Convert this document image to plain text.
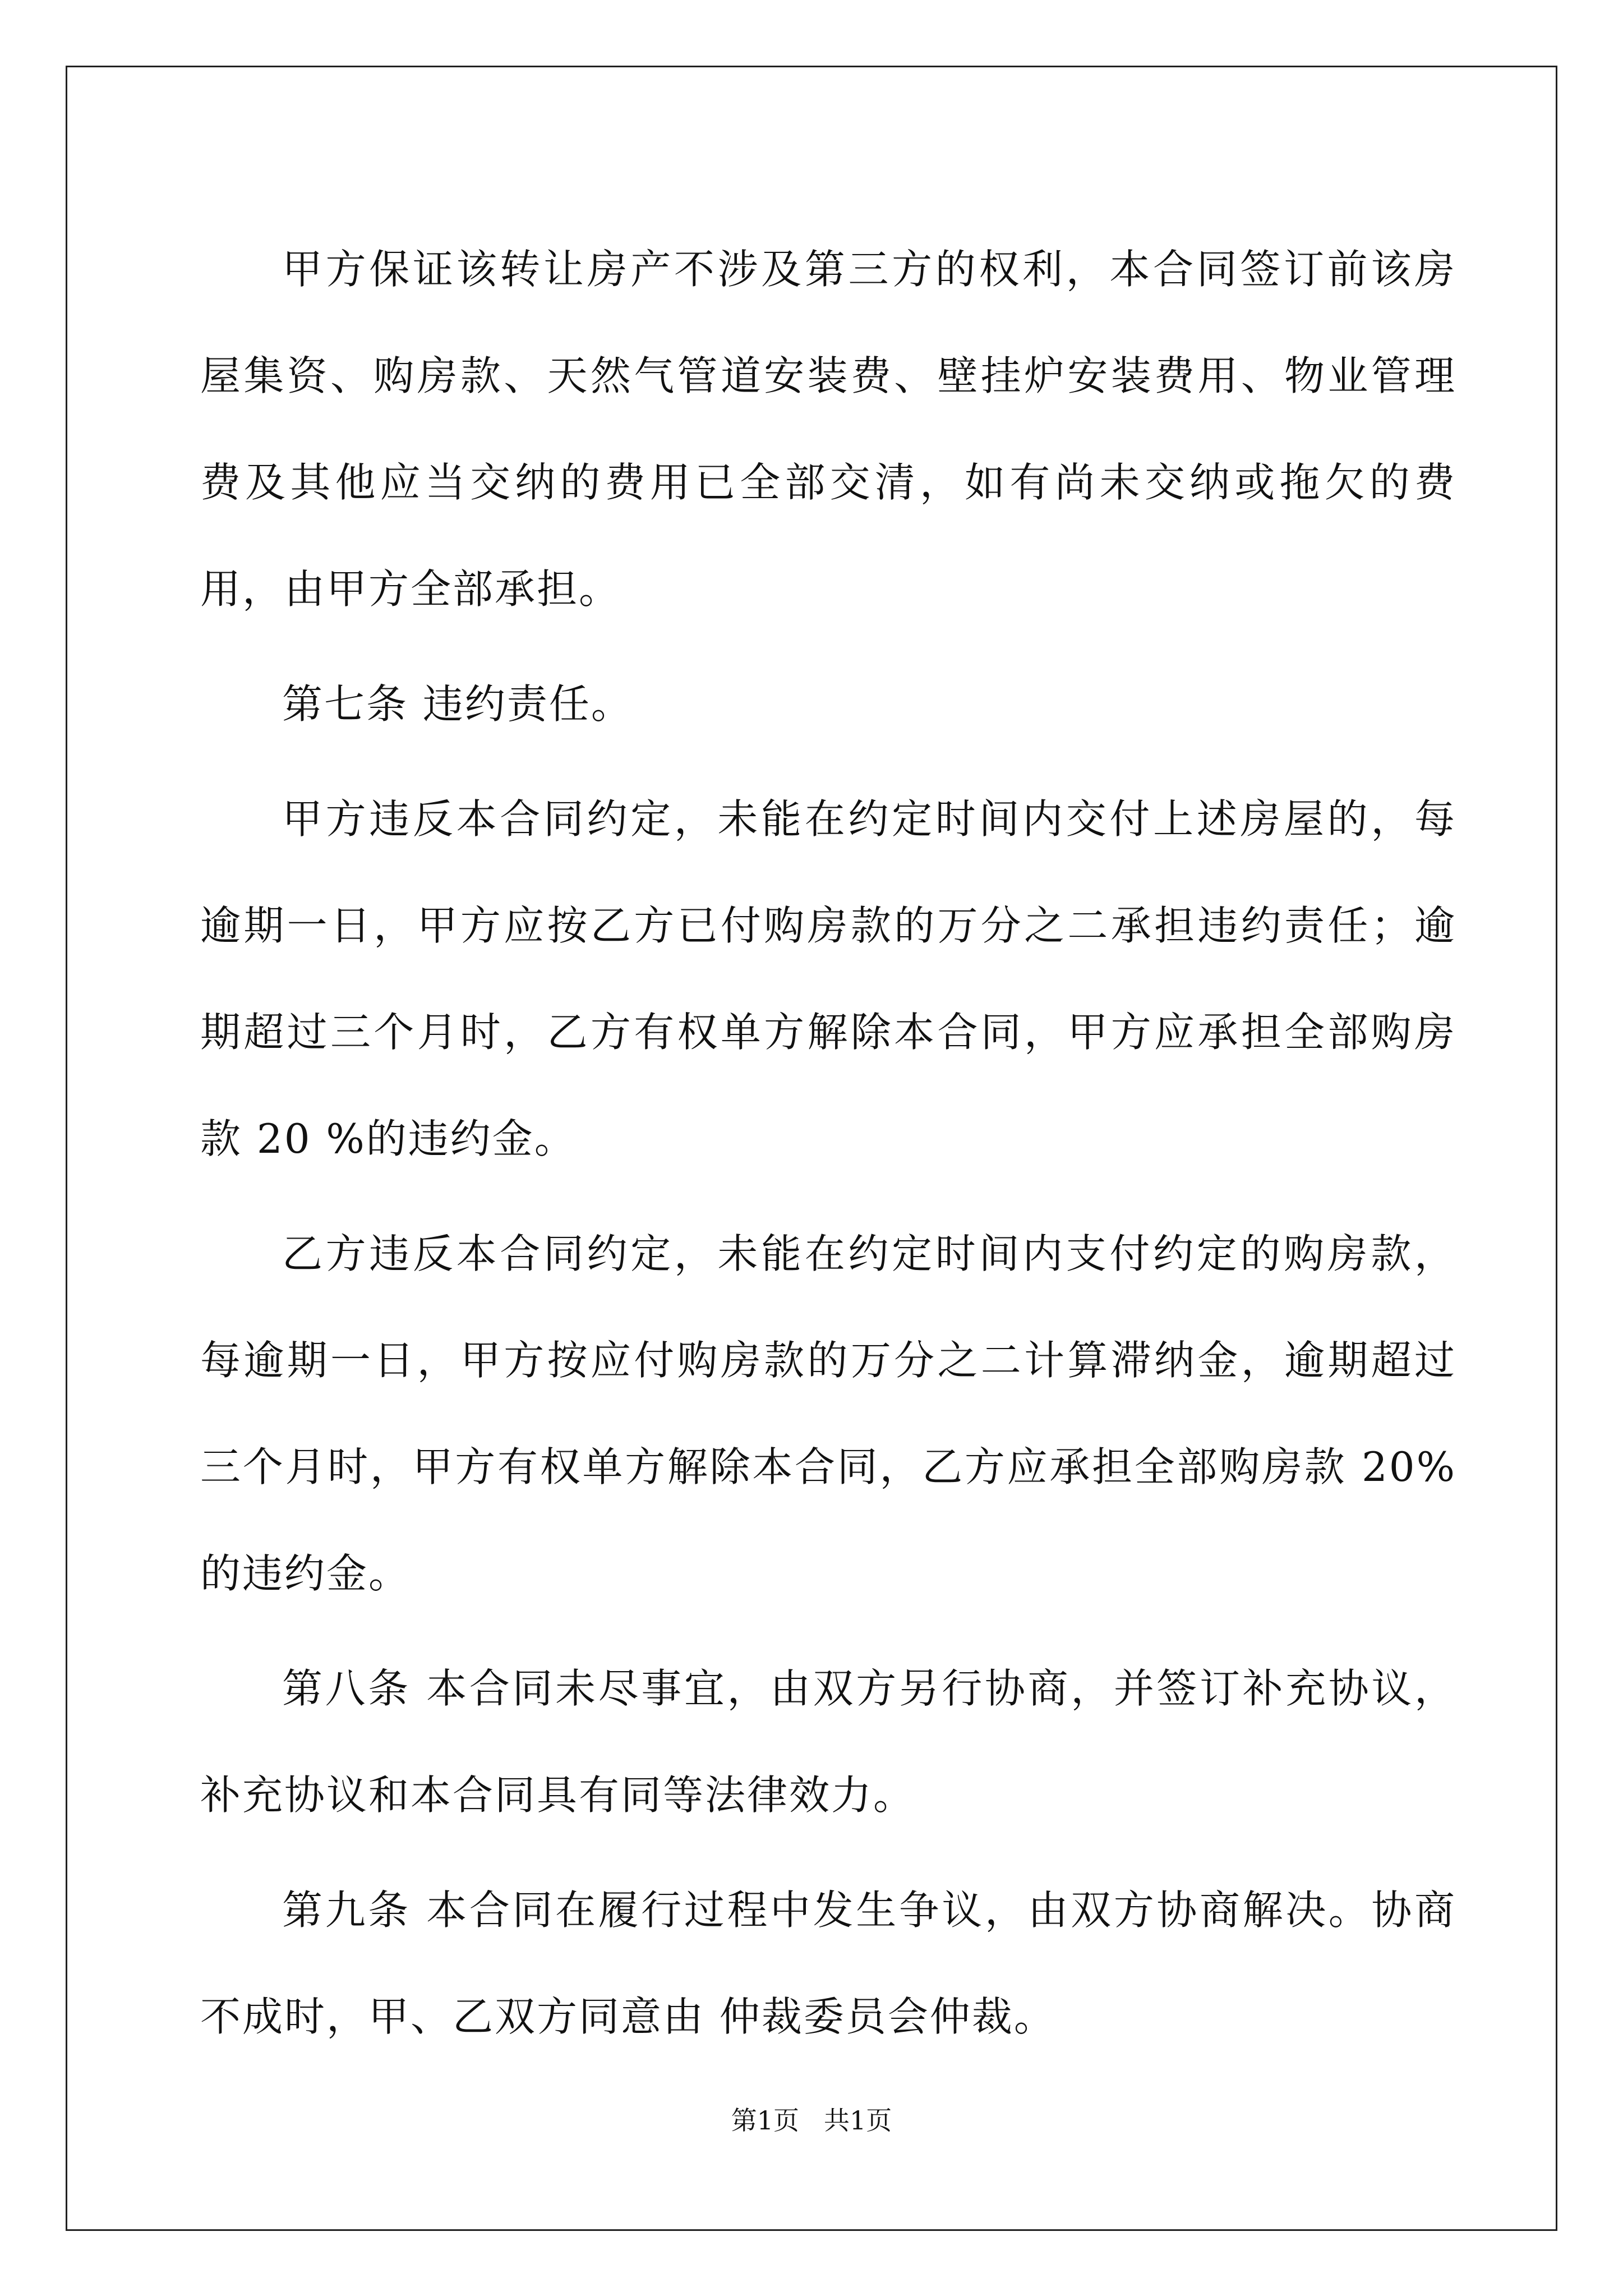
甲方保证该转让房产不涉及第三方的权利，本合同签订前该房屋集资、购房款、天然气管道安装费、壁挂炉安装费用、物业管理费及其他应当交纳的费用已全部交清，如有尚未交纳或拖欠的费用，由甲方全部承担。

第七条 违约责任。

甲方违反本合同约定，未能在约定时间内交付上述房屋的，每逾期一日，甲方应按乙方已付购房款的万分之二承担违约责任；逾期超过三个月时，乙方有权单方解除本合同，甲方应承担全部购房款 20 %的违约金。

乙方违反本合同约定，未能在约定时间内支付约定的购房款，每逾期一日，甲方按应付购房款的万分之二计算滞纳金，逾期超过三个月时，甲方有权单方解除本合同，乙方应承担全部购房款 20%的违约金。

第八条 本合同未尽事宜，由双方另行协商，并签订补充协议，补充协议和本合同具有同等法律效力。

第九条 本合同在履行过程中发生争议，由双方协商解决。协商不成时，甲、乙双方同意由 仲裁委员会仲裁。

第1页 共1页
